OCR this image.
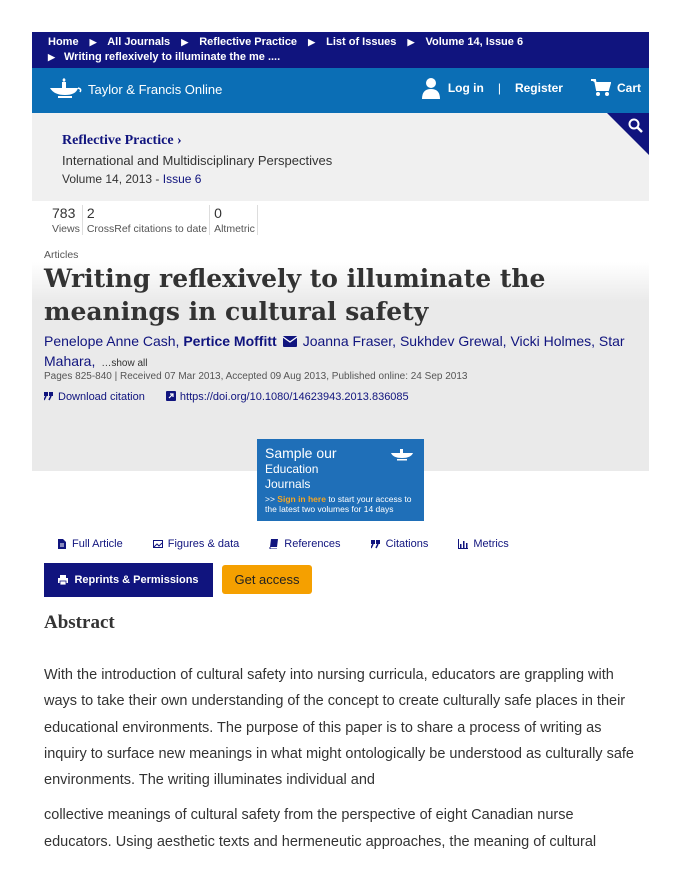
Home ▶ All Journals ▶ Reflective Practice ▶ List of Issues ▶ Volume 14, Issue 6
▶ Writing reflexively to illuminate the me ....
Taylor & Francis Online	Log in | Register	Cart
Reflective Practice ›
International and Multidisciplinary Perspectives
Volume 14, 2013 - Issue 6
783
Views
2
CrossRef citations to date
0
Altmetric
Articles
Writing reflexively to illuminate the meanings in cultural safety
Penelope Anne Cash, Pertice Moffitt Joanna Fraser, Sukhdev Grewal, Vicki Holmes, Star Mahara, …show all
Pages 825-840 | Received 07 Mar 2013, Accepted 09 Aug 2013, Published online: 24 Sep 2013
Download citation	https://doi.org/10.1080/14623943.2013.836085
Sample our
Education
Journals
>> Sign in here to start your access to the latest two volumes for 14 days
Full Article	Figures & data	References	Citations	Metrics
Reprints & Permissions	Get access
Abstract

With the introduction of cultural safety into nursing curricula, educators are grappling with ways to take their own understanding of the concept to create culturally safe places in their educational environments. The purpose of this paper is to share a process of writing as inquiry to surface new meanings in what might ontologically be understood as culturally safe environments. The writing illuminates individual and

collective meanings of cultural safety from the perspective of eight Canadian nurse educators. Using aesthetic texts and hermeneutic approaches, the meaning of cultural
